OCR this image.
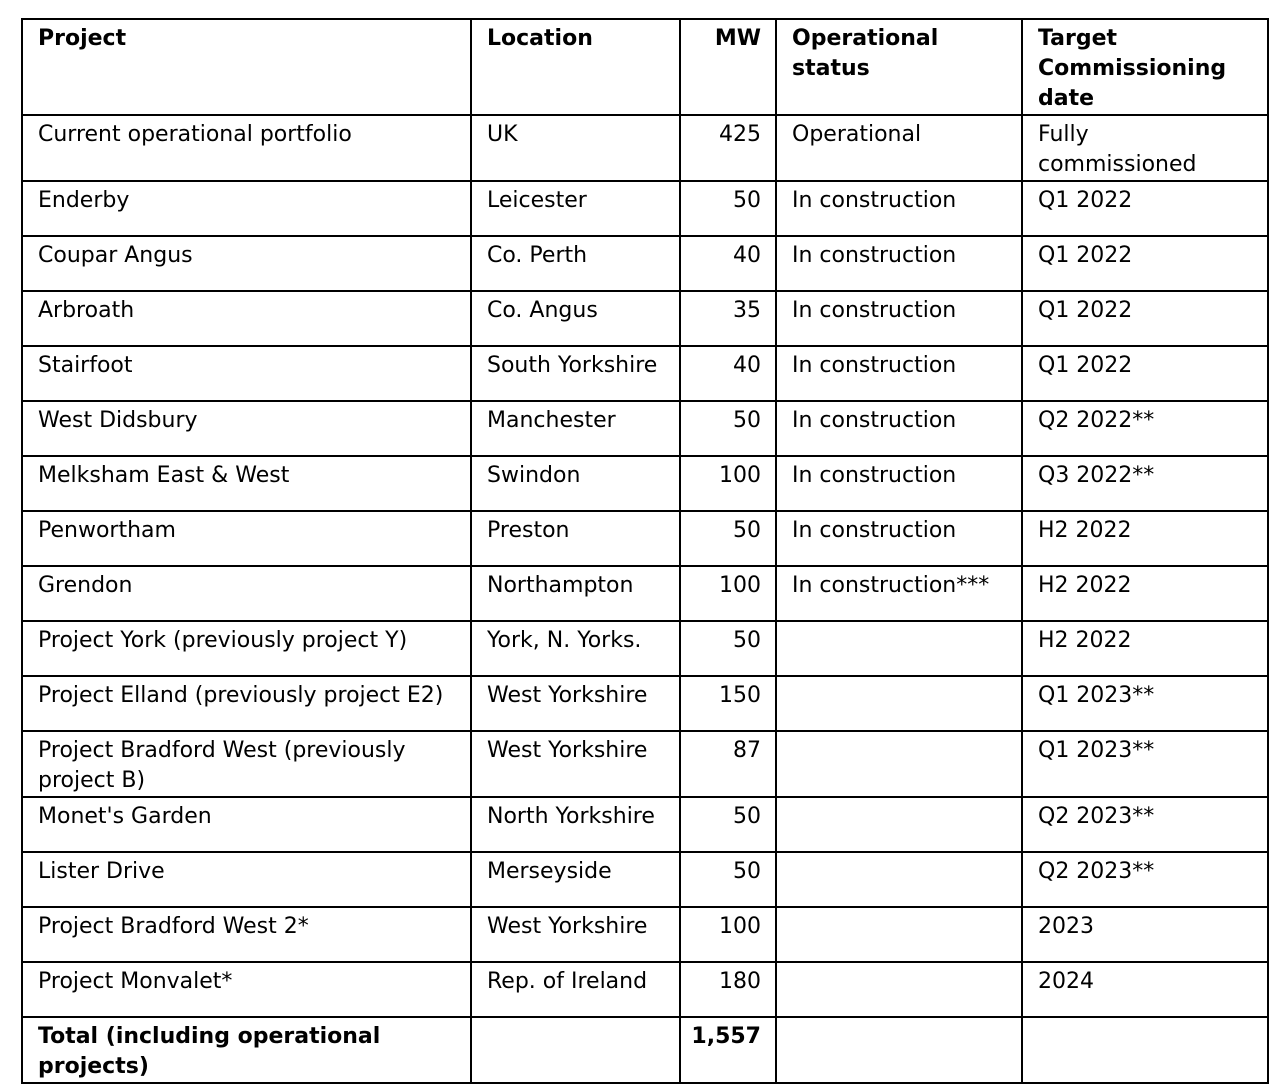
Project	Location	MW	Operational status	Target Commissioning date
Current operational portfolio	UK	425	Operational	Fully commissioned
Enderby	Leicester	50	In construction	Q1 2022
Coupar Angus	Co. Perth	40	In construction	Q1 2022
Arbroath	Co. Angus	35	In construction	Q1 2022
Stairfoot	South Yorkshire	40	In construction	Q1 2022
West Didsbury	Manchester	50	In construction	Q2 2022**
Melksham East & West	Swindon	100	In construction	Q3 2022**
Penwortham	Preston	50	In construction	H2 2022
Grendon	Northampton	100	In construction***	H2 2022
Project York (previously project Y)	York, N. Yorks.	50		H2 2022
Project Elland (previously project E2)	West Yorkshire	150		Q1 2023**
Project Bradford West (previously project B)	West Yorkshire	87		Q1 2023**
Monet's Garden	North Yorkshire	50		Q2 2023**
Lister Drive	Merseyside	50		Q2 2023**
Project Bradford West 2*	West Yorkshire	100		2023
Project Monvalet*	Rep. of Ireland	180		2024
Total (including operational projects)		1,557		
